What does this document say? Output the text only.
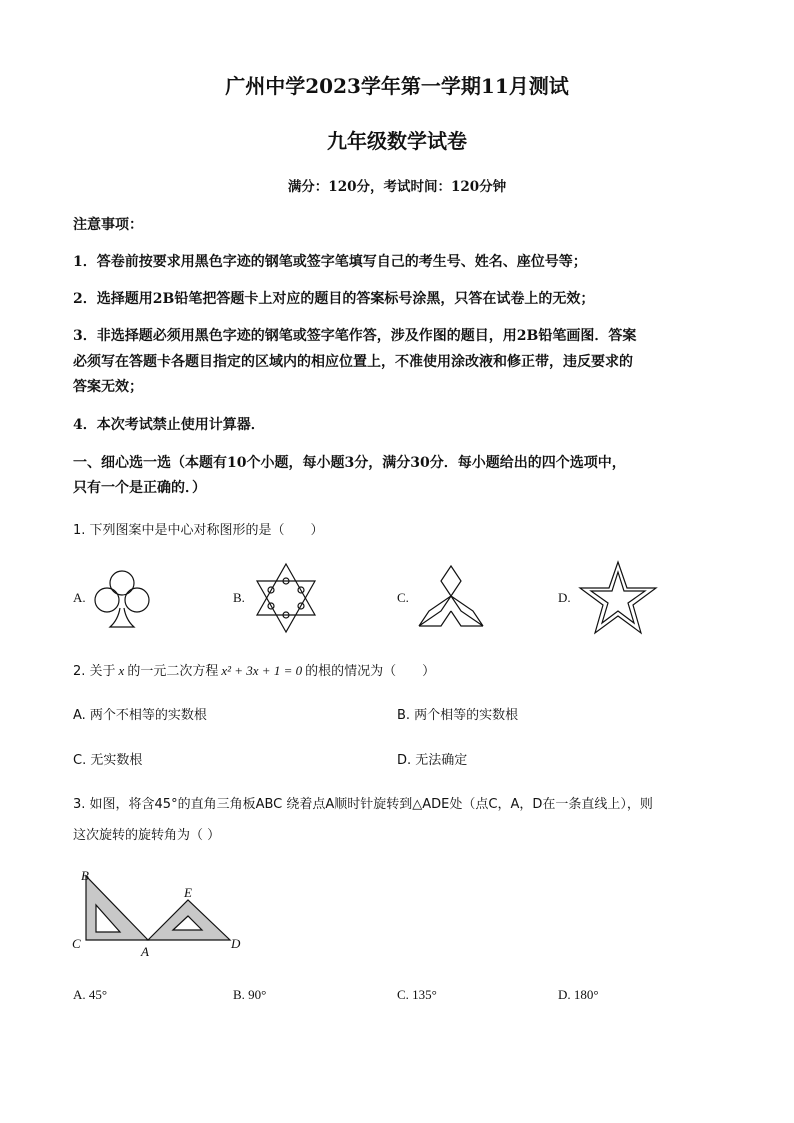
广州中学2023学年第一学期11月测试
九年级数学试卷
满分：120分，考试时间：120分钟
注意事项：
1．答卷前按要求用黑色字迹的钢笔或签字笔填写自己的考生号、姓名、座位号等；
2．选择题用2B铅笔把答题卡上对应的题目的答案标号涂黑，只答在试卷上的无效；
3．非选择题必须用黑色字迹的钢笔或签字笔作答，涉及作图的题目，用2B铅笔画图．答案
必须写在答题卡各题目指定的区域内的相应位置上，不准使用涂改液和修正带，违反要求的
答案无效；
4．本次考试禁止使用计算器．
一、细心选一选（本题有10个小题，每小题3分，满分30分．每小题给出的四个选项中，
只有一个是正确的．）
1. 下列图案中是中心对称图形的是（　　）
A.	B.	C.	D.
2. 关于 x 的一元二次方程 x² + 3x + 1 = 0 的根的情况为（　　）
A. 两个不相等的实数根	B. 两个相等的实数根
C. 无实数根	D. 无法确定
3. 如图，将含45°的直角三角板ABC 绕着点A顺时针旋转到△ADE处（点C，A，D在一条直线上），则
这次旋转的旋转角为（ ）
B
C
A
E
D
A. 45°	B. 90°	C. 135°	D. 180°
